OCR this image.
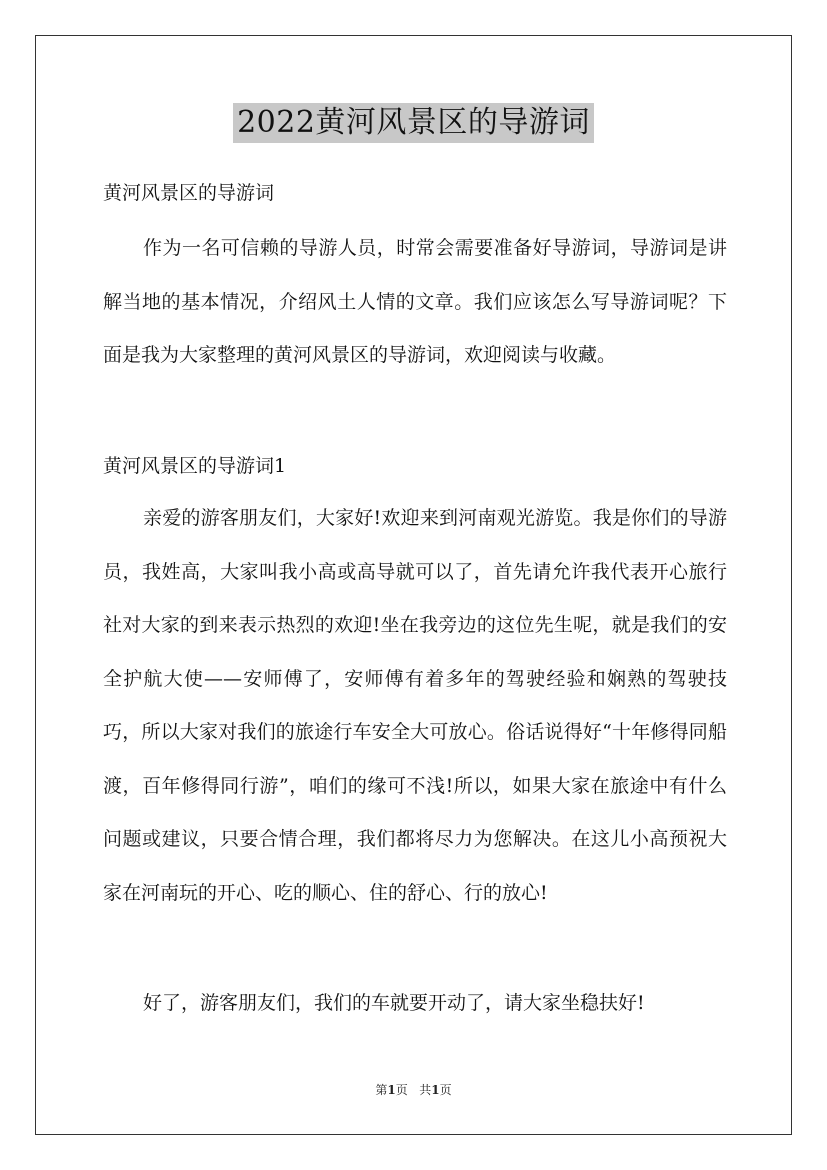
2022黄河风景区的导游词
黄河风景区的导游词

作为一名可信赖的导游人员，时常会需要准备好导游词，导游词是讲解当地的基本情况，介绍风土人情的文章。我们应该怎么写导游词呢？下面是我为大家整理的黄河风景区的导游词，欢迎阅读与收藏。

黄河风景区的导游词1

亲爱的游客朋友们，大家好!欢迎来到河南观光游览。我是你们的导游员，我姓高，大家叫我小高或高导就可以了，首先请允许我代表开心旅行社对大家的到来表示热烈的欢迎!坐在我旁边的这位先生呢，就是我们的安全护航大使——安师傅了，安师傅有着多年的驾驶经验和娴熟的驾驶技巧，所以大家对我们的旅途行车安全大可放心。俗话说得好“十年修得同船渡，百年修得同行游”，咱们的缘可不浅!所以，如果大家在旅途中有什么问题或建议，只要合情合理，我们都将尽力为您解决。在这儿小高预祝大家在河南玩的开心、吃的顺心、住的舒心、行的放心!

好了，游客朋友们，我们的车就要开动了，请大家坐稳扶好!

第1页 共1页
